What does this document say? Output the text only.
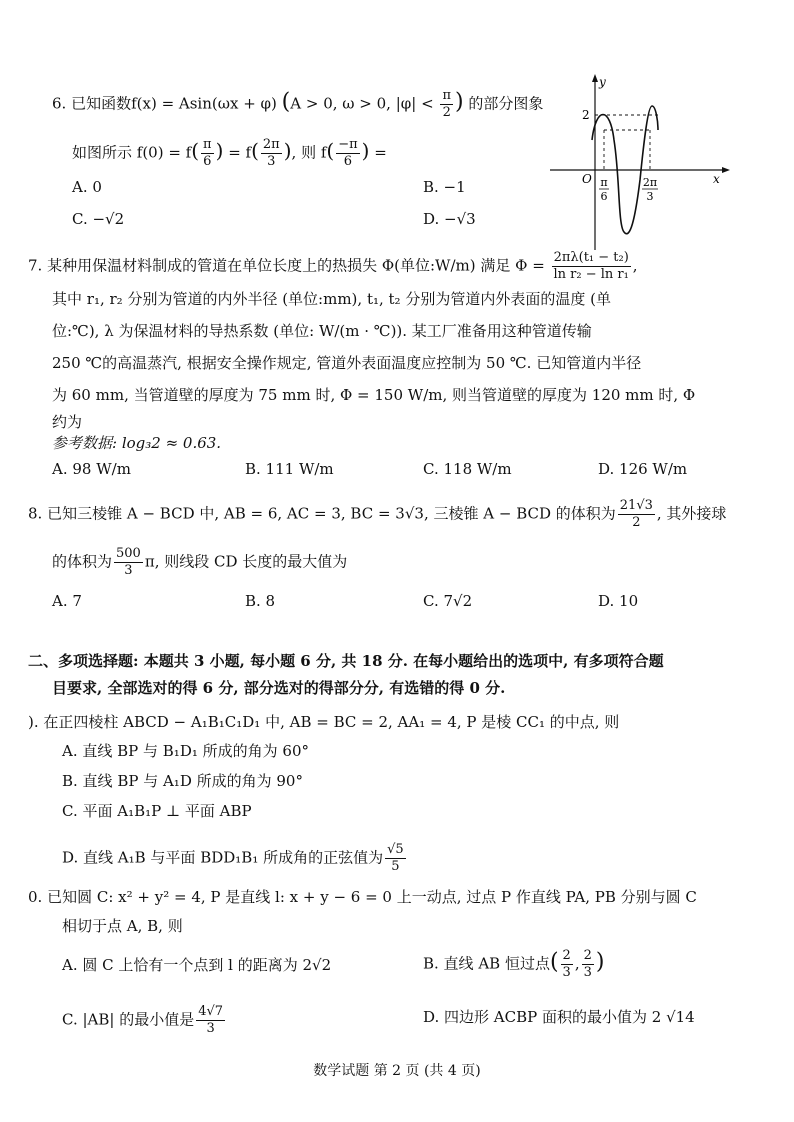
6. 已知函数f(x) = Asin(ωx + φ) (A > 0, ω > 0, $|\varphi| < \frac{\pi}{2}$ ) 的部分图象
如图所示 $f(0) = f( \frac{\pi}{6}$ ) = $f( \frac{2\pi}{3}$ ), 则 $f( \frac{-\pi}{6}$ ) =
A. 0	B. −1
C. −√2	D. −√3
y
x
O
2
π
6
2π
3
7. 某种用保温材料制成的管道在单位长度上的热损失 Φ(单位:W/m) 满足 $\Phi = \frac{\text{2πλ(t₁ − t₂)}}{\text{ln r₂ − ln r₁}}$ ,
其中 r₁, r₂ 分别为管道的内外半径 (单位:mm), t₁, t₂ 分别为管道内外表面的温度 (单
位:℃), λ 为保温材料的导热系数 (单位: W/(m · ℃)). 某工厂准备用这种管道传输
250 ℃的高温蒸汽, 根据安全操作规定, 管道外表面温度应控制为 50 ℃. 已知管道内半径
为 60 mm, 当管道壁的厚度为 75 mm 时, Φ = 150 W/m, 则当管道壁的厚度为 120 mm 时, Φ
约为
参考数据: log₃2 ≈ 0.63.
A. 98 W/m	B. 111 W/m	C. 118 W/m	D. 126 W/m
8. 已知三棱锥 A − BCD 中, AB = 6, AC = 3, BC = 3√3, 三棱锥 A − BCD 的体积为 $\frac{21√3}{2}$ , 其外接球
的体积为 $\frac{500}{3} \pi$, 则线段 CD 长度的最大值为
A. 7	B. 8	C. 7√2	D. 10
二、多项选择题: 本题共 3 小题, 每小题 6 分, 共 18 分. 在每小题给出的选项中, 有多项符合题
目要求, 全部选对的得 6 分, 部分选对的得部分分, 有选错的得 0 分.
). 在正四棱柱 ABCD − A₁B₁C₁D₁ 中, AB = BC = 2, AA₁ = 4, P 是棱 CC₁ 的中点, 则
A. 直线 BP 与 B₁D₁ 所成的角为 60°
B. 直线 BP 与 A₁D 所成的角为 90°
C. 平面 A₁B₁P ⊥ 平面 ABP
D. 直线 A₁B 与平面 BDD₁B₁ 所成角的正弦值为 $\frac{√5}{5}$
0. 已知圆 C: x² + y² = 4, P 是直线 l: x + y − 6 = 0 上一动点, 过点 P 作直线 PA, PB 分别与圆 C
相切于点 A, B, 则
A. 圆 C 上恰有一个点到 l 的距离为 2√2	B. 直线 AB 恒过点( $\frac{2}{3}$ , $\frac{2}{3}$ )
C. |AB| 的最小值是 $\frac{4√7}{3}$	D. 四边形 ACBP 面积的最小值为 2 √14
数学试题 第 2 页 (共 4 页)
